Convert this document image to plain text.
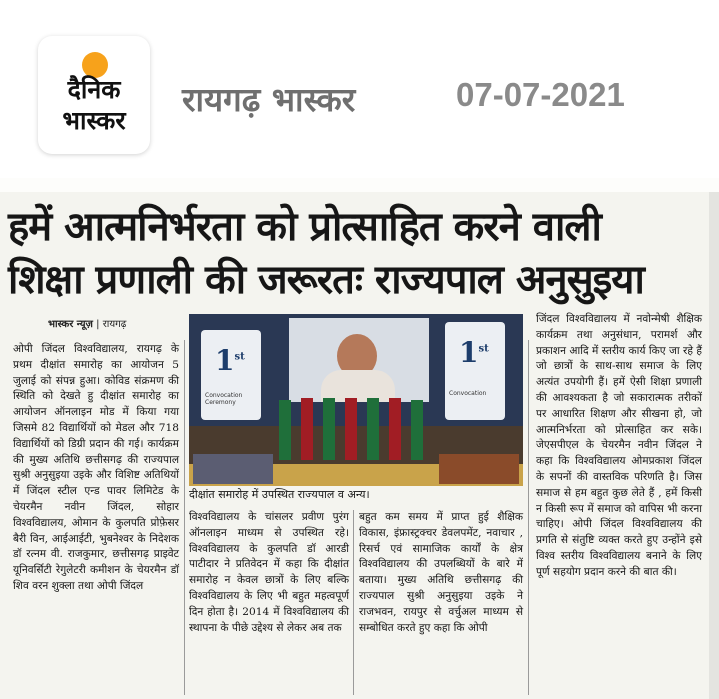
दैनिक
भास्कर
रायगढ़ भास्कर	07-07-2021
हमें आत्मनिर्भरता को प्रोत्साहित करने वाली
शिक्षा प्रणाली की जरूरतः राज्यपाल अनुसुइया
भास्कर न्यूज़ | रायगढ़
ओपी जिंदल विश्वविद्यालय, रायगढ़ के प्रथम दीक्षांत समारोह का आयोजन 5 जुलाई को संपन्न हुआ। कोविड संक्रमण की स्थिति को देखते हु दीक्षांत समारोह का आयोजन ऑनलाइन मोड में किया गया जिसमे 82 विद्यार्थियों को मेडल और 718 विद्यार्थियों को डिग्री प्रदान की गई। कार्यक्रम की मुख्य अतिथि छत्तीसगढ़ की राज्यपाल सुश्री अनुसुइया उइके और विशिष्ट अतिथियों में जिंदल स्टील एन्ड पावर लिमिटेड के चेयरमैन नवीन जिंदल, सोहार विश्वविद्यालय, ओमान के कुलपति प्रोफ़ेसर बैरी विन, आईआईटी, भुबनेश्वर के निदेशक डॉ रत्नम वी. राजकुमार, छत्तीसगढ़ प्राइवेट यूनिवर्सिटी रेगुलेटरी कमीशन के चेयरमैन डॉ शिव वरन शुक्ला तथा ओपी जिंदल
1st
Convocation Ceremony
1st
Convocation
दीक्षांत समारोह में उपस्थित राज्यपाल व अन्य।
विश्वविद्यालय के चांसलर प्रवीण पुरंग ऑनलाइन माध्यम से उपस्थित रहे। विश्वविद्यालय के कुलपति डॉ आरडी पाटीदार ने प्रतिवेदन में कहा कि दीक्षांत समारोह न केवल छात्रों के लिए बल्कि विश्वविद्यालय के लिए भी बहुत महत्वपूर्ण दिन होता है। 2014 में विश्वविद्यालय की स्थापना के पीछे उद्देश्य से लेकर अब तक
बहुत कम समय में प्राप्त हुई शैक्षिक विकास, इंफ्रास्ट्रक्चर डेवलपमेंट, नवाचार , रिसर्च एवं सामाजिक कार्यों के क्षेत्र विश्वविद्यालय की उपलब्धियों के बारे में बताया। मुख्य अतिथि छत्तीसगढ़ की राज्यपाल सुश्री अनुसुइया उइके ने राजभवन, रायपुर से वर्चुअल माध्यम से सम्बोधित करते हुए कहा कि ओपी
जिंदल विश्वविद्यालय में नवोन्मेषी शैक्षिक कार्यक्रम तथा अनुसंधान, परामर्श और प्रकाशन आदि में स्तरीय कार्य किए जा रहे हैं जो छात्रों के साथ-साथ समाज के लिए अत्यंत उपयोगी हैं। हमें ऐसी शिक्षा प्रणाली की आवश्यकता है जो सकारात्मक तरीकों पर आधारित शिक्षण और सीखना हो, जो आत्मनिर्भरता को प्रोत्साहित कर सके। जेएसपीएल के चेयरमैन नवीन जिंदल ने कहा कि विश्वविद्यालय ओमप्रकाश जिंदल के सपनों की वास्तविक परिणति है। जिस समाज से हम बहुत कुछ लेते हैं , हमें किसी न किसी रूप में समाज को वापिस भी करना चाहिए। ओपी जिंदल विश्वविद्यालय की प्रगति से संतुष्टि व्यक्त करते हुए उन्होंने इसे विश्व स्तरीय विश्वविद्यालय बनाने के लिए पूर्ण सहयोग प्रदान करने की बात की।
